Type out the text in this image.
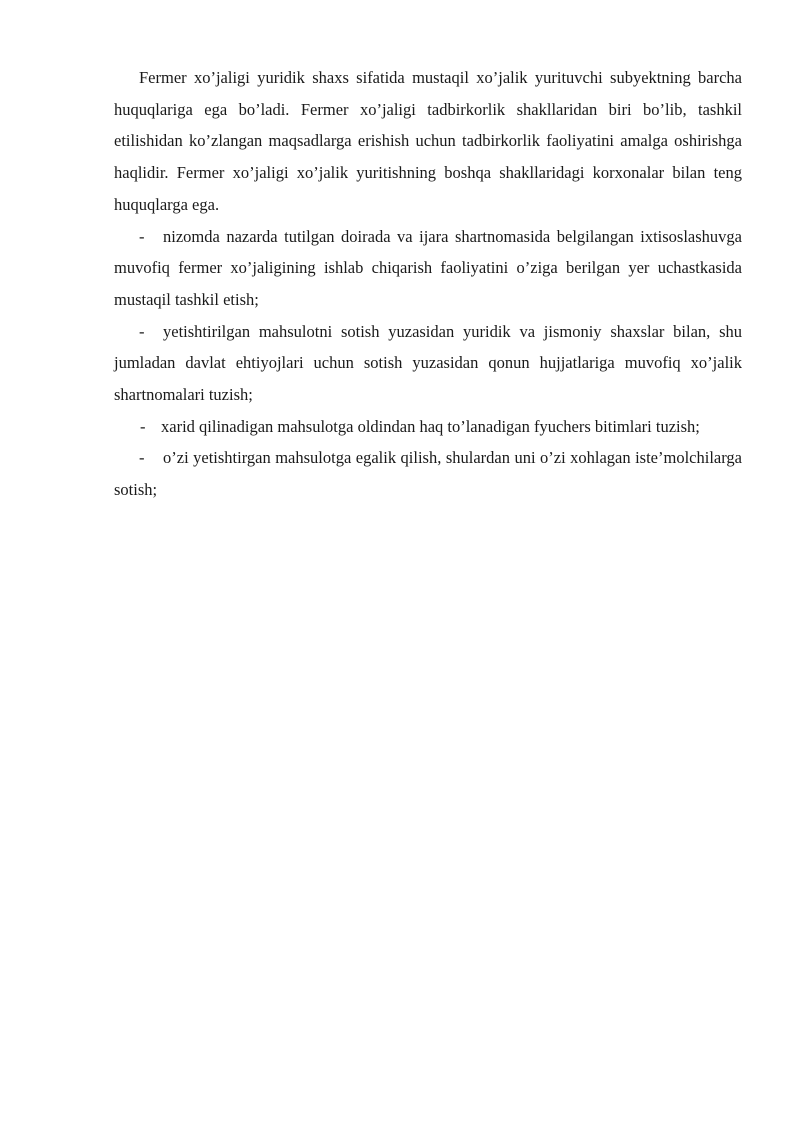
Fermer xo’jaligi yuridik shaxs sifatida mustaqil xo’jalik yurituvchi subyektning barcha huquqlariga ega bo’ladi. Fermer xo’jaligi tadbirkorlik shakllaridan biri bo’lib, tashkil etilishidan ko’zlangan maqsadlarga erishish uchun tadbirkorlik faoliyatini amalga oshirishga haqlidir. Fermer xo’jaligi xo’jalik yuritishning boshqa shakllaridagi korxonalar bilan teng huquqlarga ega.

- nizomda nazarda tutilgan doirada va ijara shartnomasida belgilangan ixtisoslashuvga muvofiq fermer xo’jaligining ishlab chiqarish faoliyatini o’ziga berilgan yer uchastkasida mustaqil tashkil etish;

- yetishtirilgan mahsulotni sotish yuzasidan yuridik va jismoniy shaxslar bilan, shu jumladan davlat ehtiyojlari uchun sotish yuzasidan qonun hujjatlariga muvofiq xo’jalik shartnomalari tuzish;

- xarid qilinadigan mahsulotga oldindan haq to’lanadigan fyuchers bitimlari tuzish;

- o’zi yetishtirgan mahsulotga egalik qilish, shulardan uni o’zi xohlagan iste’molchilarga sotish;
